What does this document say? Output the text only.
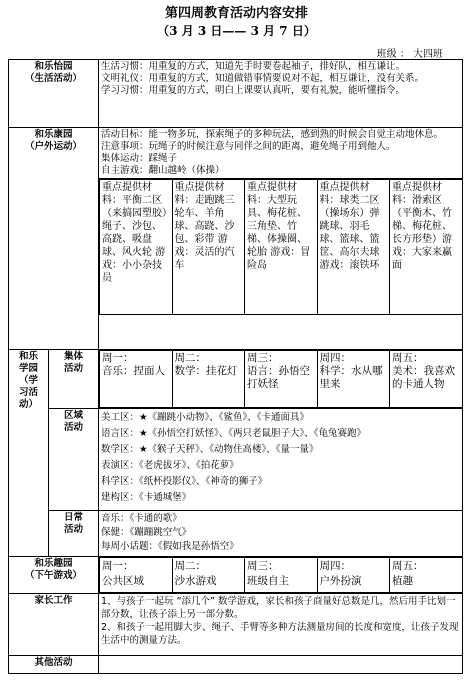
第四周教育活动内容安排
（3 月 3 日—— 3 月 7 日）
班级 ： 大四班
和乐怡园
（生活活动）

生活习惯：用重复的方式，知道先手时要卷起袖子，排好队，相互谦让。
文明礼仪：用重复的方式，知道做错事情要说对不起，相互谦让，没有关系。
学习习惯：用重复的方式，明白上课要认真听，要有礼貌，能听懂指令。

和乐康园
（户外运动）

活动目标：能一物多玩，探索绳子的多种玩法，感到熟的时候会自觉主动地休息。
注意事项：玩绳子的时候注意与同伴之间的距离，避免绳子用到他人。
集体运动：踩绳子
自主游戏：翻山越岭（体操）
重点提供材料：平衡二区（来搞园塑胶）绳子、沙包、高跷、吸盘球、风火轮 游戏：小小杂技员	重点提供材料：走跑跳三轮车、羊角球、高跷、沙包、彩带 游戏：灵活的汽车	重点提供材料：大型玩具、梅花桩、三角垫、竹梯、体操圈、轮胎 游戏：冒险岛	重点提供材料：球类二区（操场东）弹跳球、羽毛球、篮球、篮筐、高尔夫球 游戏：滚铁环	重点提供材料：滑索区（平衡木、竹梯、梅花桩、长方形垫）游戏：大家来赢面

和乐
学园
（学
习活
动）

集体
活动

周一：
音乐：捏面人	
周二：
数学：挂花灯	
周三：
语言：孙悟空打妖怪	
周四：
科学：水从哪里来	
周五：
美术：我喜欢的卡通人物

区域
活动

美工区：★《蹦跳小动物》、《鲨鱼》、《卡通面具》
语言区：★《孙悟空打妖怪》、《两只老鼠胆子大》、《龟兔赛跑》
数学区：★《猴子天秤》、《动物住高楼》、《量一量》
表演区：《老虎拔牙》、《拍花萝》
科学区：《纸杯投影仪》、《神奇的狮子》
建构区：《卡通城堡》

日常
活动

音乐：《卡通的歌》
保健：《蹦蹦跳空气》
每周小话题：《假如我是孙悟空》

和乐趣园
（下午游戏）

周一：
公共区域	
周二：
沙水游戏	
周三：
班级自主	
周四：
户外扮演	
周五：
植趣

家长工作	1、与孩子一起玩 “添几个” 数学游戏，家长和孩子商量好总数是几，然后用手比划一部分数，让孩子添上另一部分数。
2、和孩子一起用脚大步、绳子、手臂等多种方法测量房间的长度和宽度，让孩子发现生活中的测量方法。

其他活动	
